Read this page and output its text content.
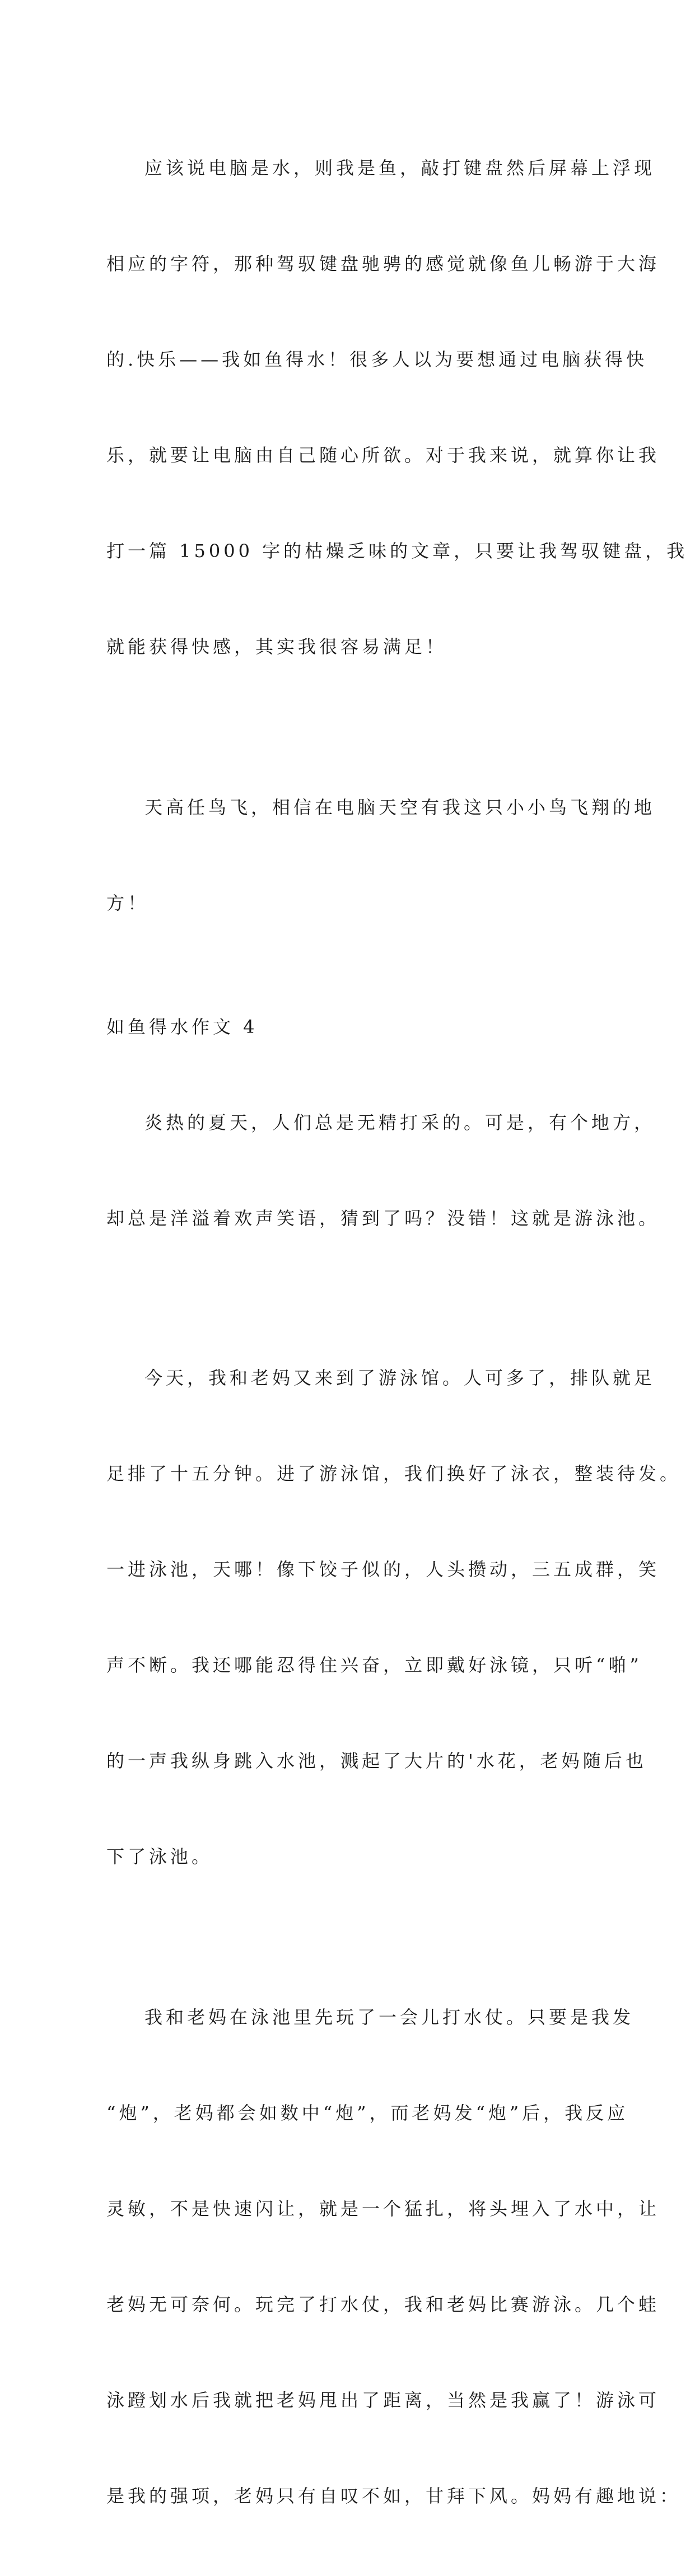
应该说电脑是水，则我是鱼，敲打键盘然后屏幕上浮现

相应的字符，那种驾驭键盘驰骋的感觉就像鱼儿畅游于大海

的.快乐——我如鱼得水！很多人以为要想通过电脑获得快

乐，就要让电脑由自己随心所欲。对于我来说，就算你让我

打一篇 15000 字的枯燥乏味的文章，只要让我驾驭键盘，我

就能获得快感，其实我很容易满足！

天高任鸟飞，相信在电脑天空有我这只小小鸟飞翔的地

方！

如鱼得水作文 4

炎热的夏天，人们总是无精打采的。可是，有个地方，

却总是洋溢着欢声笑语，猜到了吗？没错！这就是游泳池。

今天，我和老妈又来到了游泳馆。人可多了，排队就足

足排了十五分钟。进了游泳馆，我们换好了泳衣，整装待发。

一进泳池，天哪！像下饺子似的，人头攒动，三五成群，笑

声不断。我还哪能忍得住兴奋，立即戴好泳镜，只听“啪”

的一声我纵身跳入水池，溅起了大片的'水花，老妈随后也

下了泳池。

我和老妈在泳池里先玩了一会儿打水仗。只要是我发

“炮”，老妈都会如数中“炮”，而老妈发“炮”后，我反应

灵敏，不是快速闪让，就是一个猛扎，将头埋入了水中，让

老妈无可奈何。玩完了打水仗，我和老妈比赛游泳。几个蛙

泳蹬划水后我就把老妈甩出了距离，当然是我赢了！游泳可

是我的强项，老妈只有自叹不如，甘拜下风。妈妈有趣地说：
